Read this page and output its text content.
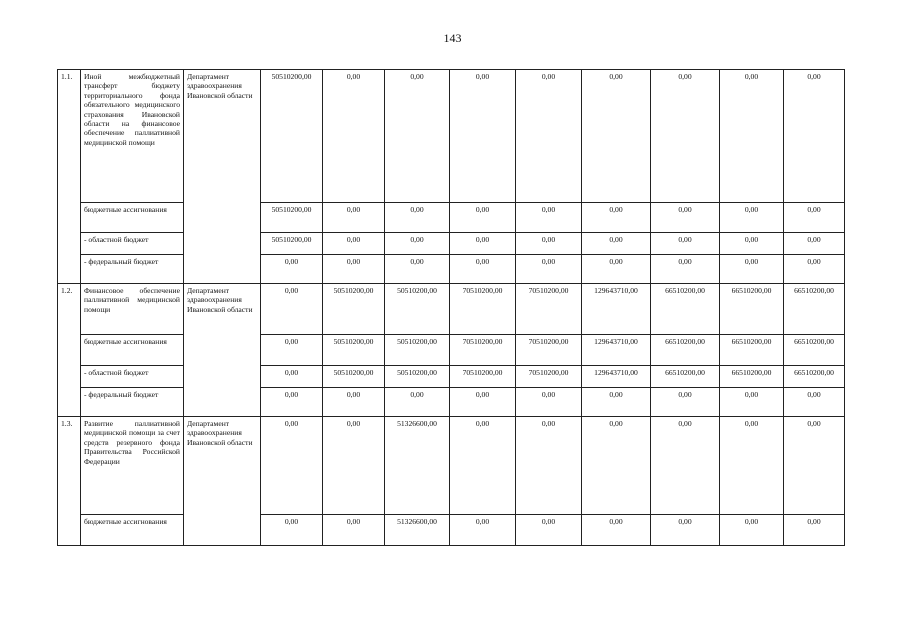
143
1.1.	Иной межбюджетный трансферт бюджету территориального фонда обязательного медицинского страхования Ивановской области на финансовое обеспечение паллиативной медицинской помощи	Департамент здравоохранения Ивановской области	50510200,00	0,00	0,00	0,00	0,00	0,00	0,00	0,00	0,00
	бюджетные ассигнования		50510200,00	0,00	0,00	0,00	0,00	0,00	0,00	0,00	0,00
	- областной бюджет		50510200,00	0,00	0,00	0,00	0,00	0,00	0,00	0,00	0,00
	- федеральный бюджет		0,00	0,00	0,00	0,00	0,00	0,00	0,00	0,00	0,00
1.2.	Финансовое обеспечение паллиативной медицинской помощи	Департамент здравоохранения Ивановской области	0,00	50510200,00	50510200,00	70510200,00	70510200,00	129643710,00	66510200,00	66510200,00	66510200,00
	бюджетные ассигнования		0,00	50510200,00	50510200,00	70510200,00	70510200,00	129643710,00	66510200,00	66510200,00	66510200,00
	- областной бюджет		0,00	50510200,00	50510200,00	70510200,00	70510200,00	129643710,00	66510200,00	66510200,00	66510200,00
	- федеральный бюджет		0,00	0,00	0,00	0,00	0,00	0,00	0,00	0,00	0,00
1.3.	Развитие паллиативной медицинской помощи за счет средств резервного фонда Правительства Российской Федерации	Департамент здравоохранения Ивановской области	0,00	0,00	51326600,00	0,00	0,00	0,00	0,00	0,00	0,00
	бюджетные ассигнования		0,00	0,00	51326600,00	0,00	0,00	0,00	0,00	0,00	0,00
